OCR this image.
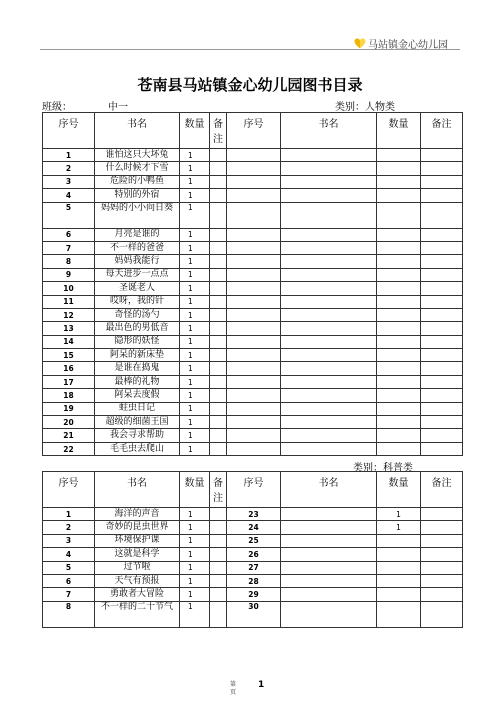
马站镇金心幼儿园
苍南县马站镇金心幼儿园图书目录
班级：	中一	类别：人物类
序号	书名	数量	备注	序号	书名	数量	备注
1	谁怕这只大坏兔	1					
2	什么时候才下雪	1					
3	危险的小鸭鱼	1					
4	特别的外宿	1					
5	妈妈的小小向日葵	1					
6	月亮是谁的	1					
7	不一样的爸爸	1					
8	妈妈我能行	1					
9	每天进步一点点	1					
10	圣诞老人	1					
11	哎呀，我的针	1					
12	奇怪的汤勺	1					
13	最出色的男低音	1					
14	隐形的妖怪	1					
15	阿呆的新床垫	1					
16	是谁在捣鬼	1					
17	最棒的礼物	1					
18	阿呆去度假	1					
19	蛀虫日记	1					
20	超级的细菌王国	1					
21	我会寻求帮助	1					
22	毛毛虫去爬山	1					
类别：科普类
序号	书名	数量	备注	序号	书名	数量	备注
1	海洋的声音	1		23		1	
2	奇妙的昆虫世界	1		24		1	
3	环境保护课	1		25			
4	这就是科学	1		26			
5	过节啦	1		27			
6	天气有预报	1		28			
7	勇敢者大冒险	1		29			
8	不一样的二十节气	1		30			
第
页
1
